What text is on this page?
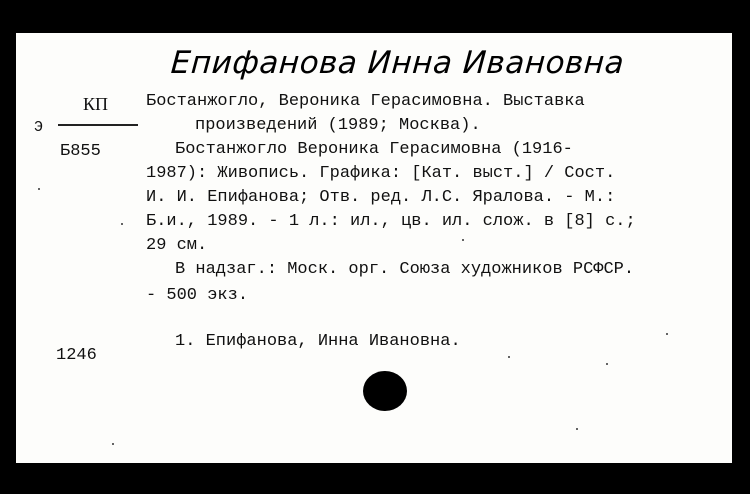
Епифанова Инна Ивановна
КП
Э
Б855
1246
Бостанжогло, Вероника Герасимовна. Выставка
произведений (1989; Москва).
Бостанжогло Вероника Герасимовна (1916-
1987): Живопись. Графика: [Кат. выст.] / Сост.
И. И. Епифанова; Отв. ред. Л.С. Яралова. - М.:
Б.и., 1989. - 1 л.: ил., цв. ил. слож. в [8] с.;
29 см.
В надзаг.: Моск. орг. Союза художников РСФСР.
- 500 экз.
1. Епифанова, Инна Ивановна.
